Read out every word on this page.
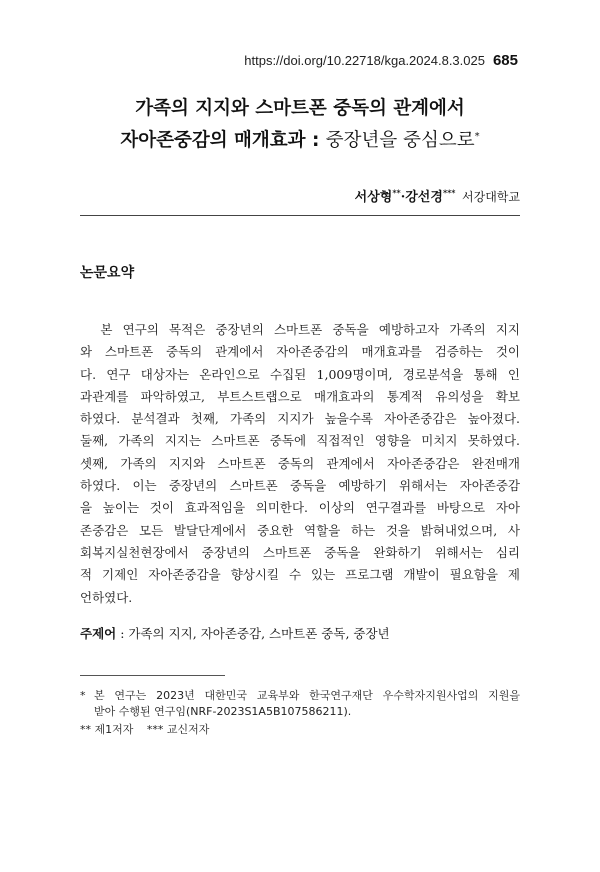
https://doi.org/10.22718/kga.2024.8.3.025 685
가족의 지지와 스마트폰 중독의 관계에서
자아존중감의 매개효과 : 중장년을 중심으로*
서상형**·강선경*** 서강대학교
논문요약
본 연구의 목적은 중장년의 스마트폰 중독을 예방하고자 가족의 지지
와 스마트폰 중독의 관계에서 자아존중감의 매개효과를 검증하는 것이
다. 연구 대상자는 온라인으로 수집된 1,009명이며, 경로분석을 통해 인
과관계를 파악하였고, 부트스트랩으로 매개효과의 통계적 유의성을 확보
하였다. 분석결과 첫째, 가족의 지지가 높을수록 자아존중감은 높아졌다.
둘째, 가족의 지지는 스마트폰 중독에 직접적인 영향을 미치지 못하였다.
셋째, 가족의 지지와 스마트폰 중독의 관계에서 자아존중감은 완전매개
하였다. 이는 중장년의 스마트폰 중독을 예방하기 위해서는 자아존중감
을 높이는 것이 효과적임을 의미한다. 이상의 연구결과를 바탕으로 자아
존중감은 모든 발달단계에서 중요한 역할을 하는 것을 밝혀내었으며, 사
회복지실천현장에서 중장년의 스마트폰 중독을 완화하기 위해서는 심리
적 기제인 자아존중감을 향상시킬 수 있는 프로그램 개발이 필요함을 제
언하였다.
주제어 : 가족의 지지, 자아존중감, 스마트폰 중독, 중장년
* 본 연구는 2023년 대한민국 교육부와 한국연구재단 우수학자지원사업의 지원을
받아 수행된 연구임(NRF-2023S1A5B107586211).
** 제1저자 *** 교신저자
